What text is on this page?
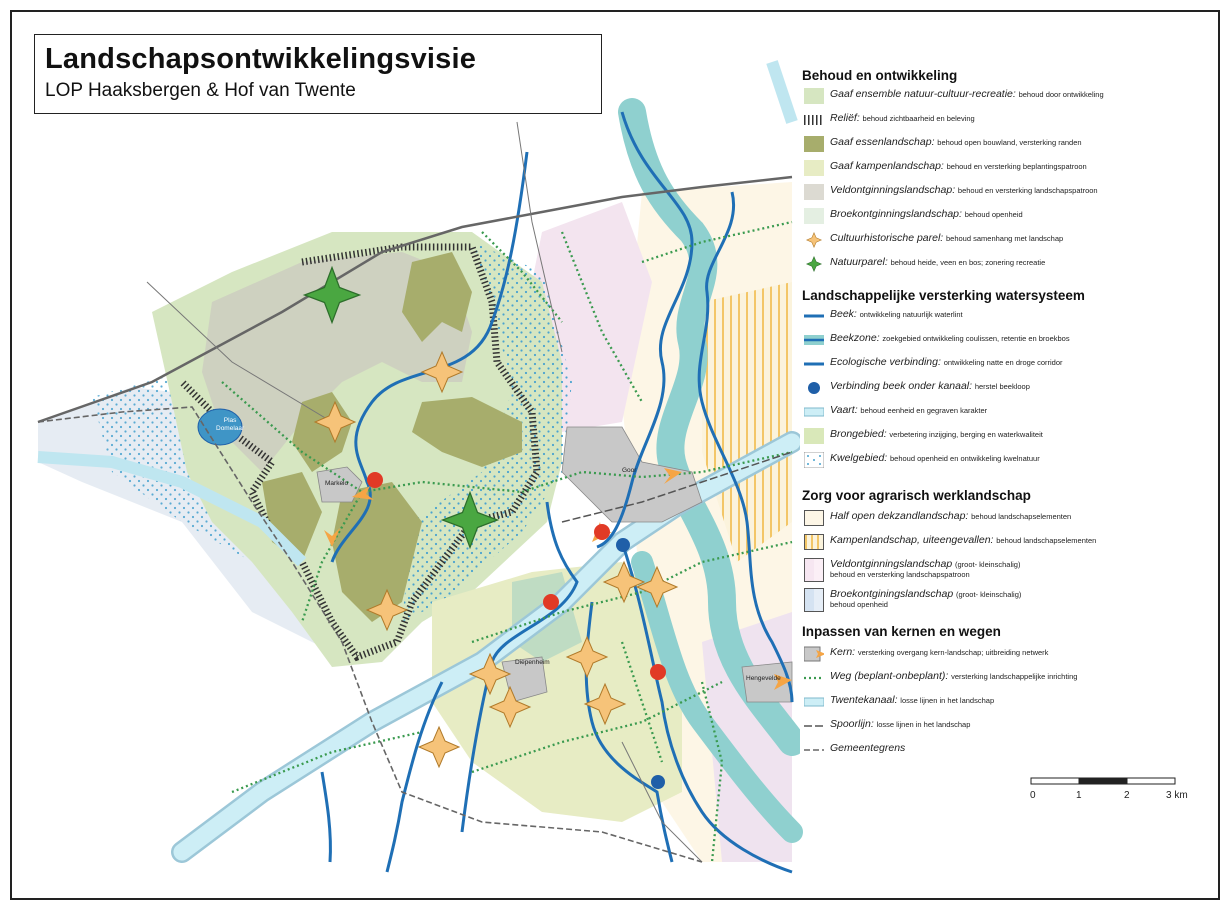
Plas
Domelaar
Markelo
Goor
Diepenheim
Hengevelde
Landschapsontwikkelingsvisie
LOP Haaksbergen & Hof van Twente
Behoud en ontwikkeling
Gaaf ensemble natuur-cultuur-recreatie: behoud door ontwikkeling
Reliëf: behoud zichtbaarheid en beleving
Gaaf essenlandschap: behoud open bouwland, versterking randen
Gaaf kampenlandschap: behoud en versterking beplantingspatroon
Veldontginningslandschap: behoud en versterking landschapspatroon
Broekontginningslandschap: behoud openheid
Cultuurhistorische parel: behoud samenhang met landschap
Natuurparel: behoud heide, veen en bos; zonering recreatie
Landschappelijke versterking watersysteem
Beek: ontwikkeling natuurlijk waterlint
Beekzone: zoekgebied ontwikkeling coulissen, retentie en broekbos
Ecologische verbinding: ontwikkeling natte en droge corridor
Verbinding beek onder kanaal: herstel beekloop
Vaart: behoud eenheid en gegraven karakter
Brongebied: verbetering inzijging, berging en waterkwaliteit
Kwelgebied: behoud openheid en ontwikkeling kwelnatuur
Zorg voor agrarisch werklandschap
Half open dekzandlandschap: behoud landschapselementen
Kampenlandschap, uiteengevallen: behoud landschapselementen
Veldontginningslandschap (groot- kleinschalig)
behoud en versterking landschapspatroon
Broekontginingslandschap (groot- kleinschalig)
behoud openheid
Inpassen van kernen en wegen
Kern: versterking overgang kern-landschap; uitbreiding netwerk
Weg (beplant-onbeplant): versterking landschappelijke inrichting
Twentekanaal: losse lijnen in het landschap
Spoorlijn: losse lijnen in het landschap
Gemeentegrens
0	1	2	3 km
